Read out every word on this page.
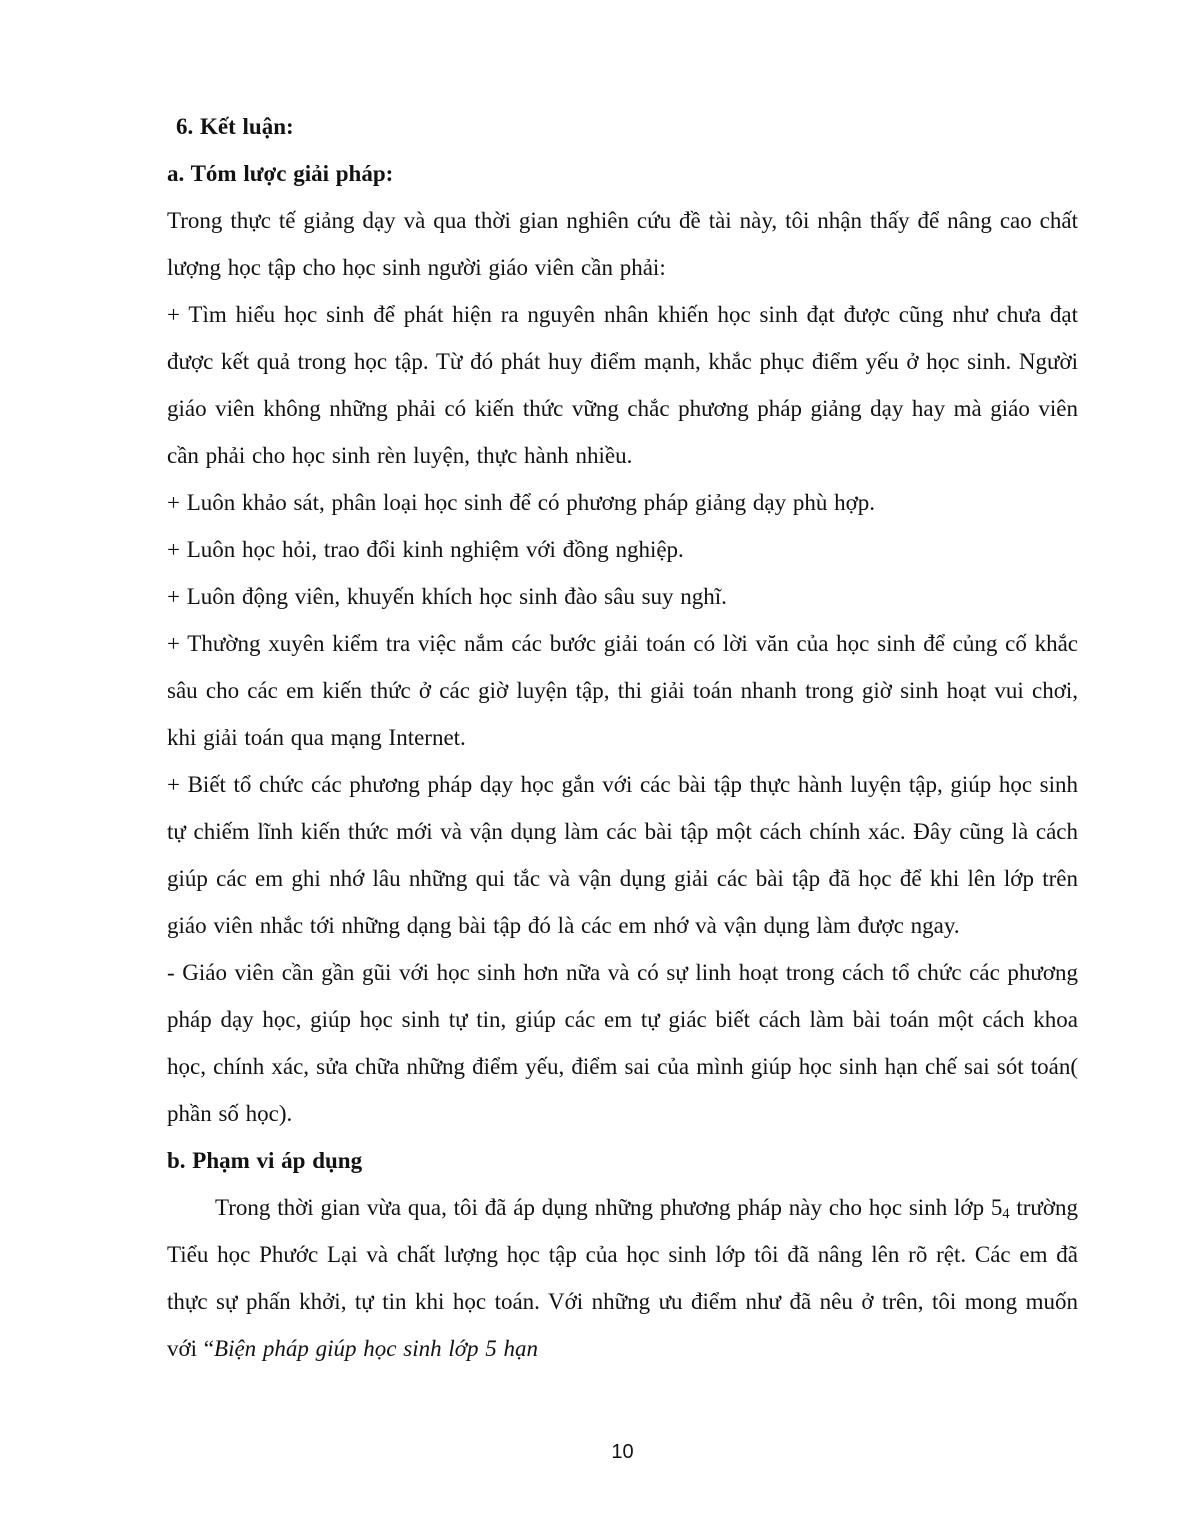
6. Kết luận:

a. Tóm lược giải pháp:

Trong thực tế giảng dạy và qua thời gian nghiên cứu đề tài này, tôi nhận thấy để nâng cao chất lượng học tập cho học sinh người giáo viên cần phải:

+ Tìm hiểu học sinh để phát hiện ra nguyên nhân khiến học sinh đạt được cũng như chưa đạt được kết quả trong học tập. Từ đó phát huy điểm mạnh, khắc phục điểm yếu ở học sinh. Người giáo viên không những phải có kiến thức vững chắc phương pháp giảng dạy hay mà giáo viên cần phải cho học sinh rèn luyện, thực hành nhiều.

+ Luôn khảo sát, phân loại học sinh để có phương pháp giảng dạy phù hợp.

+ Luôn học hỏi, trao đổi kinh nghiệm với đồng nghiệp.

+ Luôn động viên, khuyến khích học sinh đào sâu suy nghĩ.

+ Thường xuyên kiểm tra việc nắm các bước giải toán có lời văn của học sinh để củng cố khắc sâu cho các em kiến thức ở các giờ luyện tập, thi giải toán nhanh trong giờ sinh hoạt vui chơi, khi giải toán qua mạng Internet.

+ Biết tổ chức các phương pháp dạy học gắn với các bài tập thực hành luyện tập, giúp học sinh tự chiếm lĩnh kiến thức mới và vận dụng làm các bài tập một cách chính xác. Đây cũng là cách giúp các em ghi nhớ lâu những qui tắc và vận dụng giải các bài tập đã học để khi lên lớp trên giáo viên nhắc tới những dạng bài tập đó là các em nhớ và vận dụng làm được ngay.

- Giáo viên cần gần gũi với học sinh hơn nữa và có sự linh hoạt trong cách tổ chức các phương pháp dạy học, giúp học sinh tự tin, giúp các em tự giác biết cách làm bài toán một cách khoa học, chính xác, sửa chữa những điểm yếu, điểm sai của mình giúp học sinh hạn chế sai sót toán( phần số học).

b. Phạm vi áp dụng

Trong thời gian vừa qua, tôi đã áp dụng những phương pháp này cho học sinh lớp $5_4$ trường Tiểu học Phước Lại và chất lượng học tập của học sinh lớp tôi đã nâng lên rõ rệt. Các em đã thực sự phấn khởi, tự tin khi học toán. Với những ưu điểm như đã nêu ở trên, tôi mong muốn với “Biện pháp giúp học sinh lớp 5 hạn

10
